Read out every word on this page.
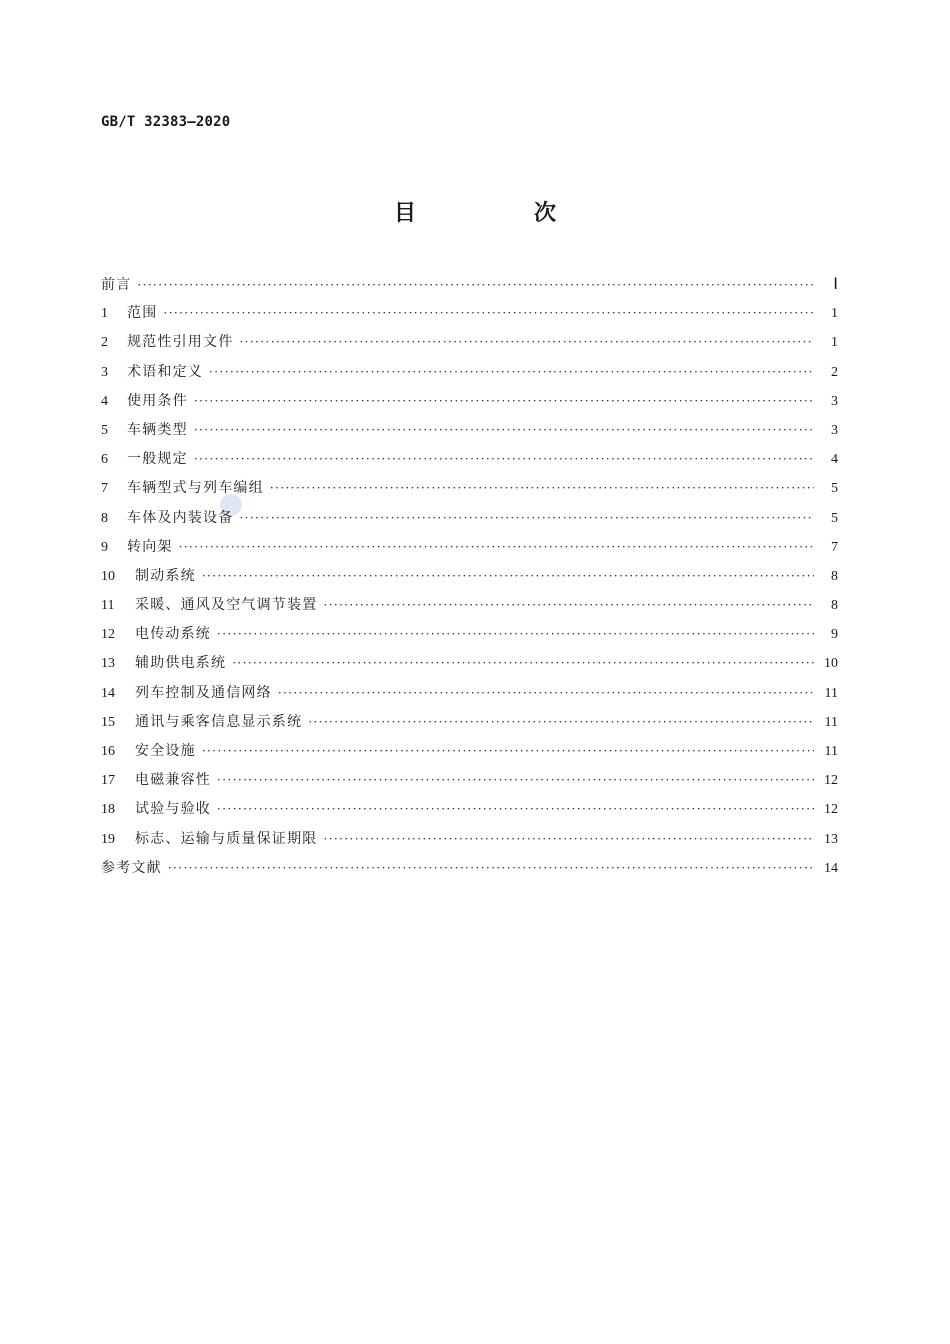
GB/T 32383—2020
目　次
前言 ·····	Ⅰ
1	范围 ·····	1
2	规范性引用文件 ·····	1
3	术语和定义 ·····	2
4	使用条件 ·····	3
5	车辆类型 ·····	3
6	一般规定 ·····	4
7	车辆型式与列车编组 ·····	5
8	车体及内装设备 ·····	5
9	转向架 ·····	7
10	制动系统 ·····	8
11	采暖、通风及空气调节装置 ·····	8
12	电传动系统 ·····	9
13	辅助供电系统 ·····	10
14	列车控制及通信网络 ·····	11
15	通讯与乘客信息显示系统 ·····	11
16	安全设施 ·····	11
17	电磁兼容性 ·····	12
18	试验与验收 ·····	12
19	标志、运输与质量保证期限 ·····	13
参考文献 ·····	14
